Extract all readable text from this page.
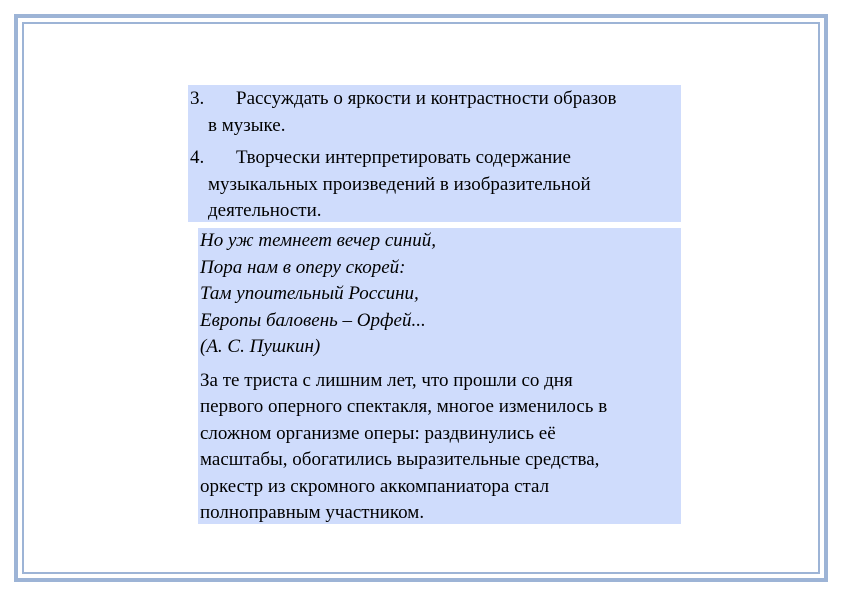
3.	Рассуждать о яркости и контрастности образов
в музыке.
4.	Творчески интерпретировать содержание
музыкальных произведений в изобразительной
деятельности.
Но уж темнеет вечер синий,
Пора нам в оперу скорей:
Там упоительный Россини,
Европы баловень – Орфей...
(А. С. Пушкин)
За те триста с лишним лет, что прошли со дня
первого оперного спектакля, многое изменилось в
сложном организме оперы: раздвинулись её
масштабы, обогатились выразительные средства,
оркестр из скромного аккомпаниатора стал
полноправным участником.
